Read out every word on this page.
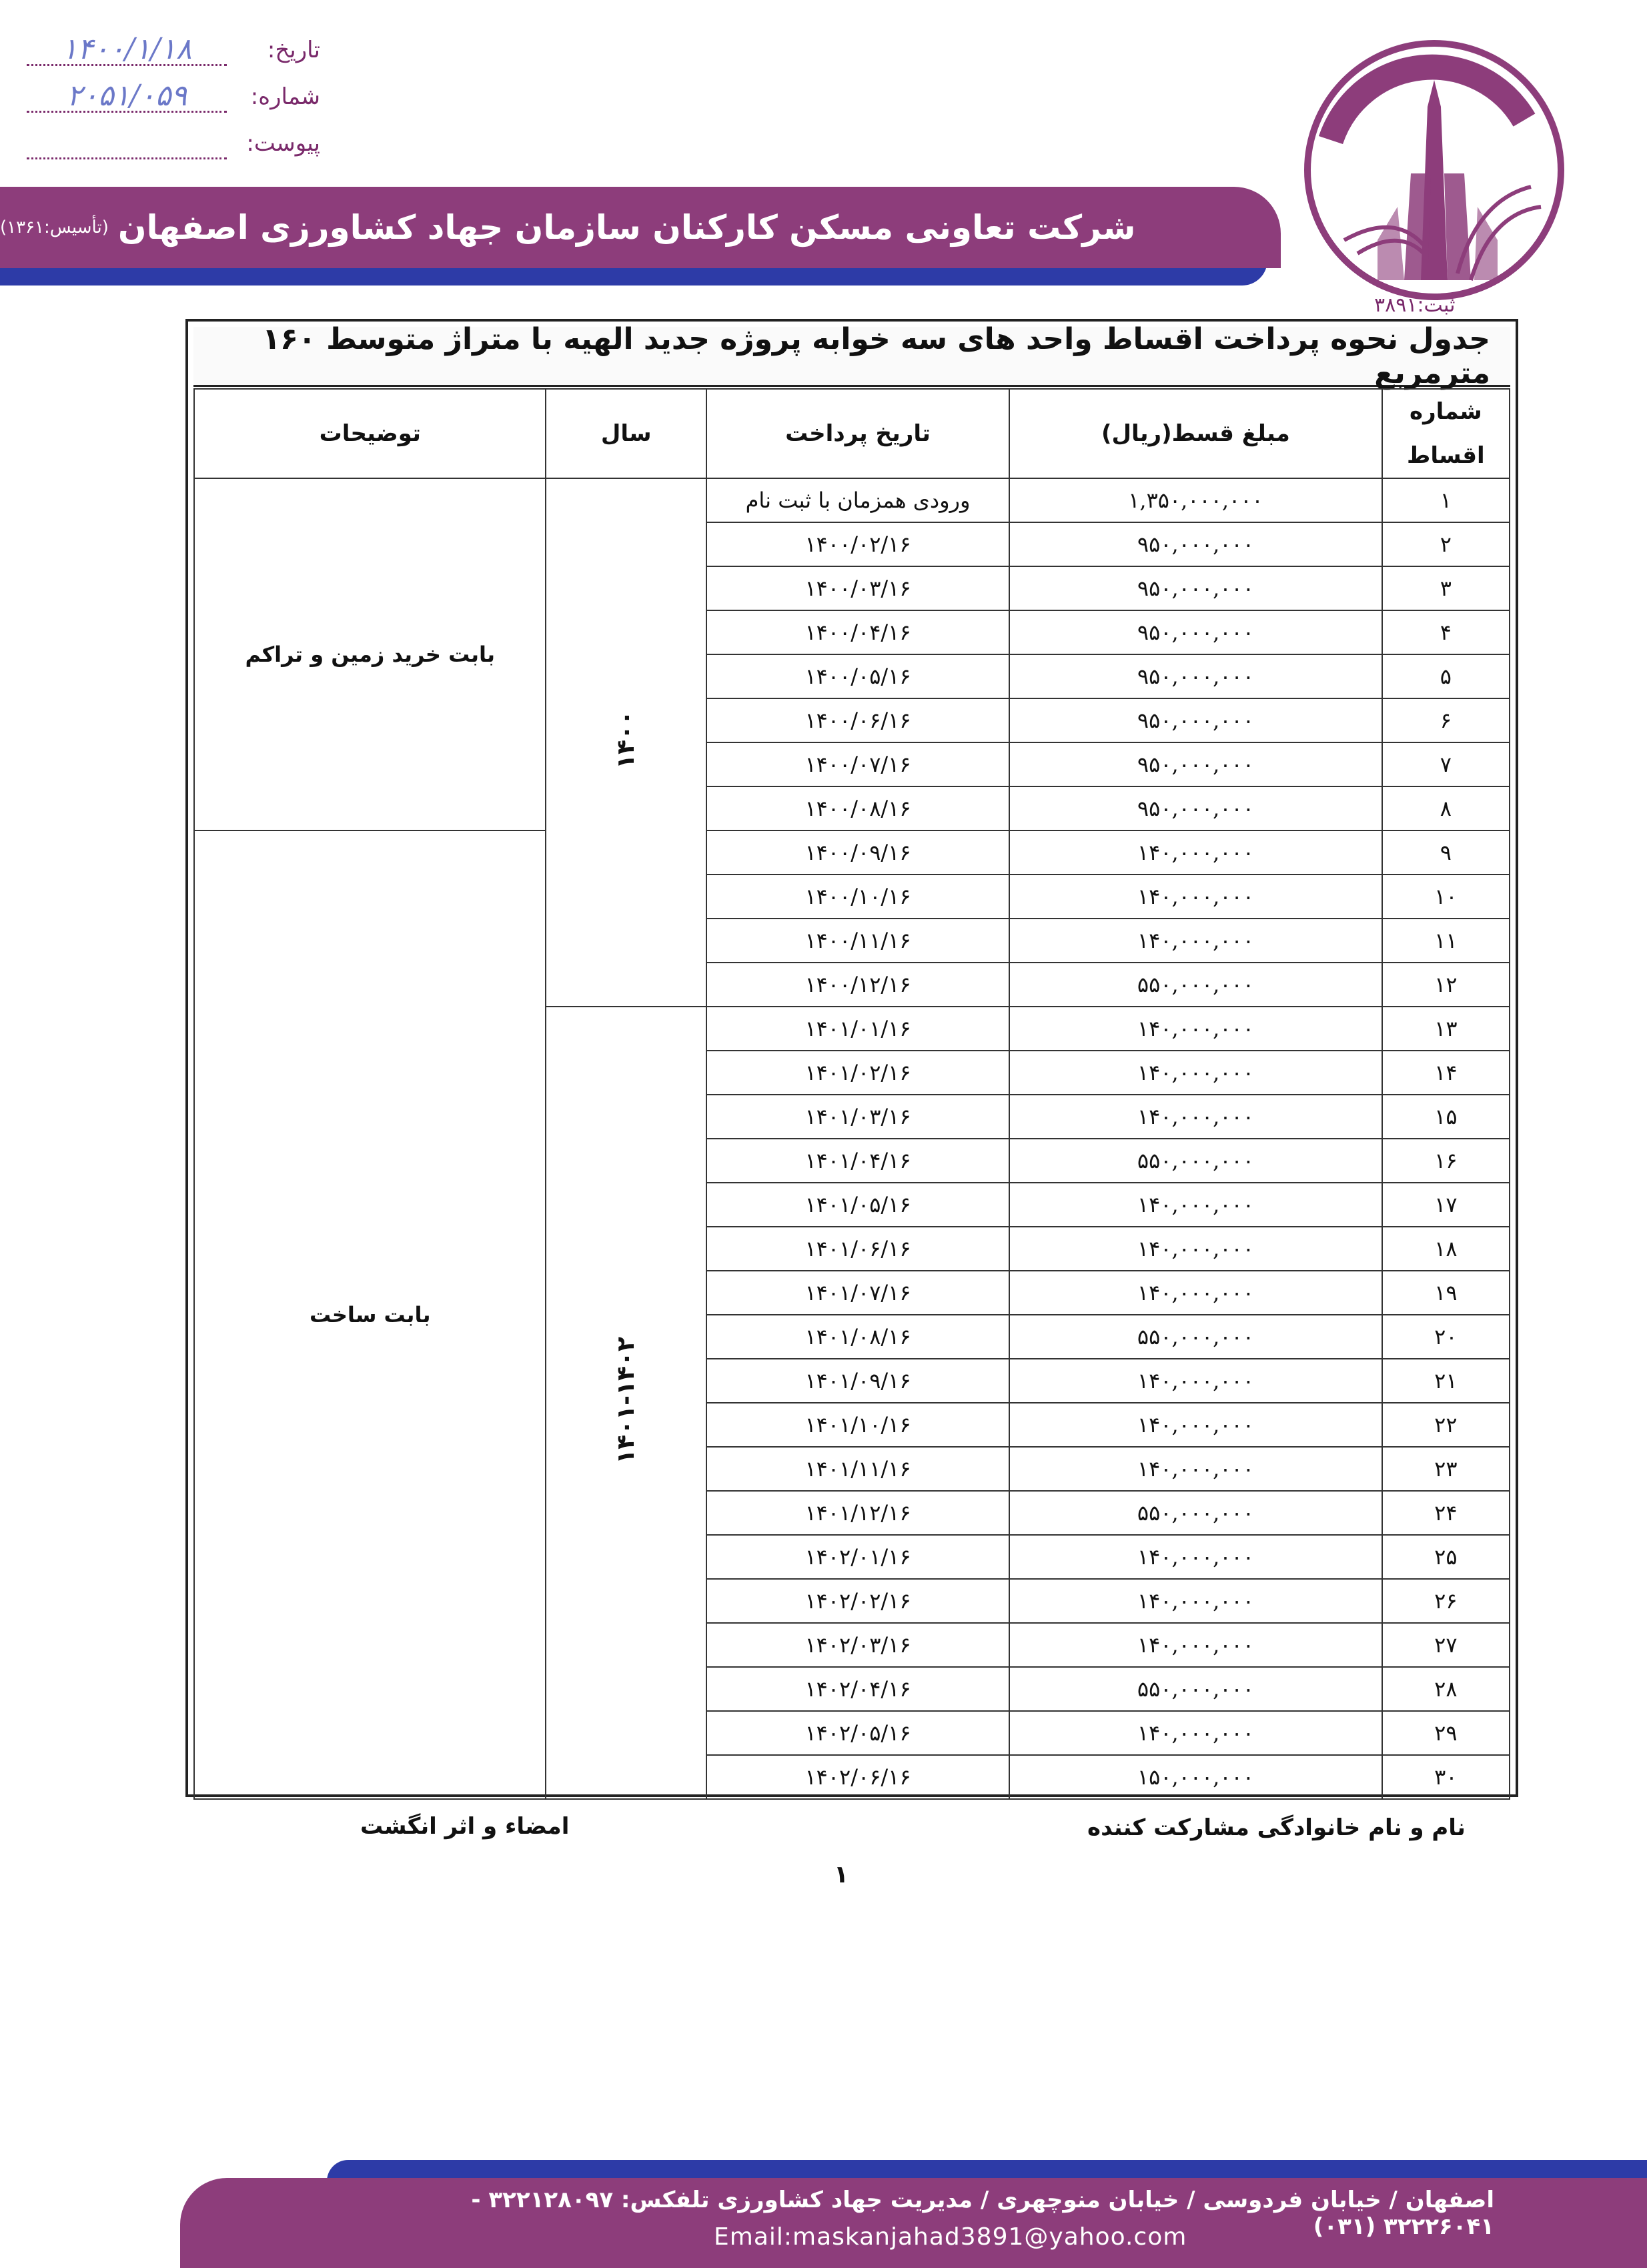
تاریخ:
۱۴۰۰/۱/۱۸
شماره:
۲۰۵۱/۰۵۹
پیوست:
شرکت تعاونی مسکن کارکنان سازمان جهاد کشاورزی اصفهان
(تأسیس:۱۳۶۱)
ثبت:۳۸۹۱
جدول نحوه پرداخت اقساط واحد های سه خوابه پروژه جدید الهیه با متراژ متوسط ۱۶۰ مترمربع
شماره اقساط	مبلغ قسط(ریال)	تاریخ پرداخت	سال	توضیحات
۱	۱,۳۵۰,۰۰۰,۰۰۰	ورودی همزمان با ثبت نام	۱۴۰۰	بابت خرید زمین و تراکم
۲	۹۵۰,۰۰۰,۰۰۰	۱۴۰۰/۰۲/۱۶		
۳	۹۵۰,۰۰۰,۰۰۰	۱۴۰۰/۰۳/۱۶		
۴	۹۵۰,۰۰۰,۰۰۰	۱۴۰۰/۰۴/۱۶		
۵	۹۵۰,۰۰۰,۰۰۰	۱۴۰۰/۰۵/۱۶		
۶	۹۵۰,۰۰۰,۰۰۰	۱۴۰۰/۰۶/۱۶		
۷	۹۵۰,۰۰۰,۰۰۰	۱۴۰۰/۰۷/۱۶		
۸	۹۵۰,۰۰۰,۰۰۰	۱۴۰۰/۰۸/۱۶		
۹	۱۴۰,۰۰۰,۰۰۰	۱۴۰۰/۰۹/۱۶		بابت ساخت
۱۰	۱۴۰,۰۰۰,۰۰۰	۱۴۰۰/۱۰/۱۶		
۱۱	۱۴۰,۰۰۰,۰۰۰	۱۴۰۰/۱۱/۱۶		
۱۲	۵۵۰,۰۰۰,۰۰۰	۱۴۰۰/۱۲/۱۶		
۱۳	۱۴۰,۰۰۰,۰۰۰	۱۴۰۱/۰۱/۱۶	۱۴۰۱-۱۴۰۲	
۱۴	۱۴۰,۰۰۰,۰۰۰	۱۴۰۱/۰۲/۱۶		
۱۵	۱۴۰,۰۰۰,۰۰۰	۱۴۰۱/۰۳/۱۶		
۱۶	۵۵۰,۰۰۰,۰۰۰	۱۴۰۱/۰۴/۱۶		
۱۷	۱۴۰,۰۰۰,۰۰۰	۱۴۰۱/۰۵/۱۶		
۱۸	۱۴۰,۰۰۰,۰۰۰	۱۴۰۱/۰۶/۱۶		
۱۹	۱۴۰,۰۰۰,۰۰۰	۱۴۰۱/۰۷/۱۶		
۲۰	۵۵۰,۰۰۰,۰۰۰	۱۴۰۱/۰۸/۱۶		
۲۱	۱۴۰,۰۰۰,۰۰۰	۱۴۰۱/۰۹/۱۶		
۲۲	۱۴۰,۰۰۰,۰۰۰	۱۴۰۱/۱۰/۱۶		
۲۳	۱۴۰,۰۰۰,۰۰۰	۱۴۰۱/۱۱/۱۶		
۲۴	۵۵۰,۰۰۰,۰۰۰	۱۴۰۱/۱۲/۱۶		
۲۵	۱۴۰,۰۰۰,۰۰۰	۱۴۰۲/۰۱/۱۶		
۲۶	۱۴۰,۰۰۰,۰۰۰	۱۴۰۲/۰۲/۱۶		
۲۷	۱۴۰,۰۰۰,۰۰۰	۱۴۰۲/۰۳/۱۶		
۲۸	۵۵۰,۰۰۰,۰۰۰	۱۴۰۲/۰۴/۱۶		
۲۹	۱۴۰,۰۰۰,۰۰۰	۱۴۰۲/۰۵/۱۶		
۳۰	۱۵۰,۰۰۰,۰۰۰	۱۴۰۲/۰۶/۱۶		
نام و نام خانوادگی مشارکت کننده
امضاء و اثر انگشت
۱
اصفهان / خیابان فردوسی / خیابان منوچهری / مدیریت جهاد کشاورزی تلفکس: ۳۲۲۱۲۸۰۹۷ - ۳۲۲۲۶۰۴۱ (۰۳۱)
Email:maskanjahad3891@yahoo.com
